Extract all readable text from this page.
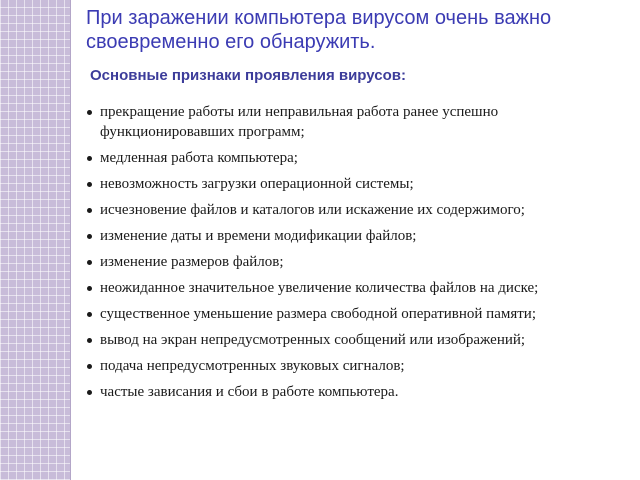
При заражении компьютера вирусом очень важно своевременно его обнаружить.
Основные признаки проявления вирусов:
прекращение работы или неправильная работа ранее успешно функционировавших программ;
медленная работа компьютера;
невозможность загрузки операционной системы;
исчезновение файлов и каталогов или искажение их содержимого;
изменение даты и времени модификации файлов;
изменение размеров файлов;
неожиданное значительное увеличение количества файлов на диске;
существенное уменьшение размера свободной оперативной памяти;
вывод на экран непредусмотренных сообщений или изображений;
подача непредусмотренных звуковых сигналов;
частые зависания и сбои в работе компьютера.
